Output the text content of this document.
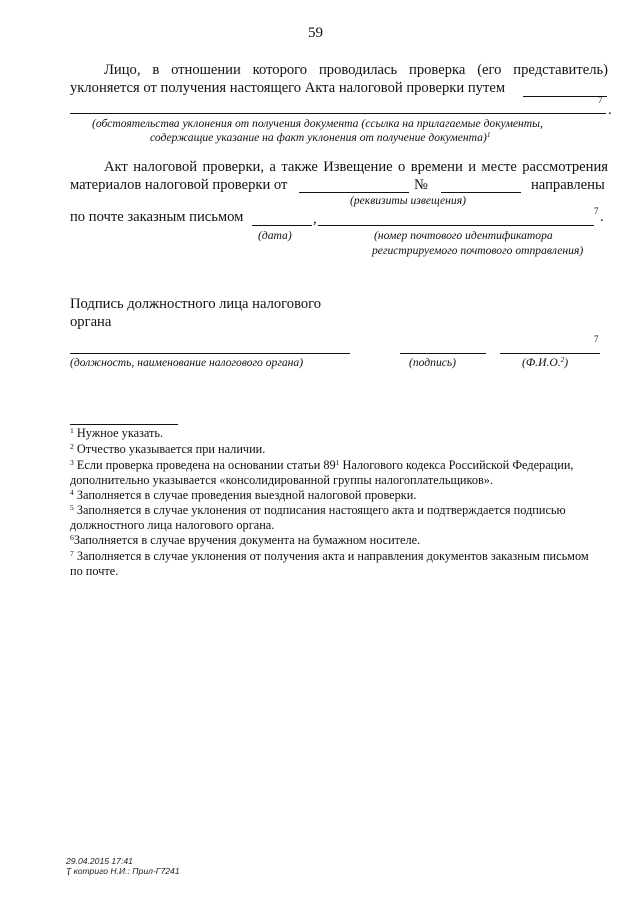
59
Лицо, в отношении которого проводилась проверка (его представитель)
уклоняется от получения настоящего Акта налоговой проверки путем
7
.
(обстоятельства уклонения от получения документа (ссылка на прилагаемые документы,
содержащие указание на факт уклонения от получение документа)$^1$
Акт налоговой проверки, а также Извещение о времени и месте рассмотрения
материалов налоговой проверки от	№	направлены
(реквизиты извещения)
по почте заказным письмом	,	7 .
(дата)	(номер почтового идентификатора
регистрируемого почтового отправления)
Подпись должностного лица налогового
органа
7
(должность, наименование налогового органа)	(подпись)	(Ф.И.О.$^2$)
$^1$ Нужное указать.
$^2$ Отчество указывается при наличии.
$^3$ Если проверка проведена на основании статьи $89^1$ Налогового кодекса Российской Федерации,
дополнительно указывается «консолидированной группы налогоплательщиков».
$^4$ Заполняется в случае проведения выездной налоговой проверки.
$^5$ Заполняется в случае уклонения от подписания настоящего акта и подтверждается подписью
должностного лица налогового органа.
$^6$Заполняется в случае вручения документа на бумажном носителе.
$^7$ Заполняется в случае уклонения от получения акта и направления документов заказным письмом
по почте.
29.04.2015 17:41
Ҭ котриго Н.И.: Прил-Г7241
